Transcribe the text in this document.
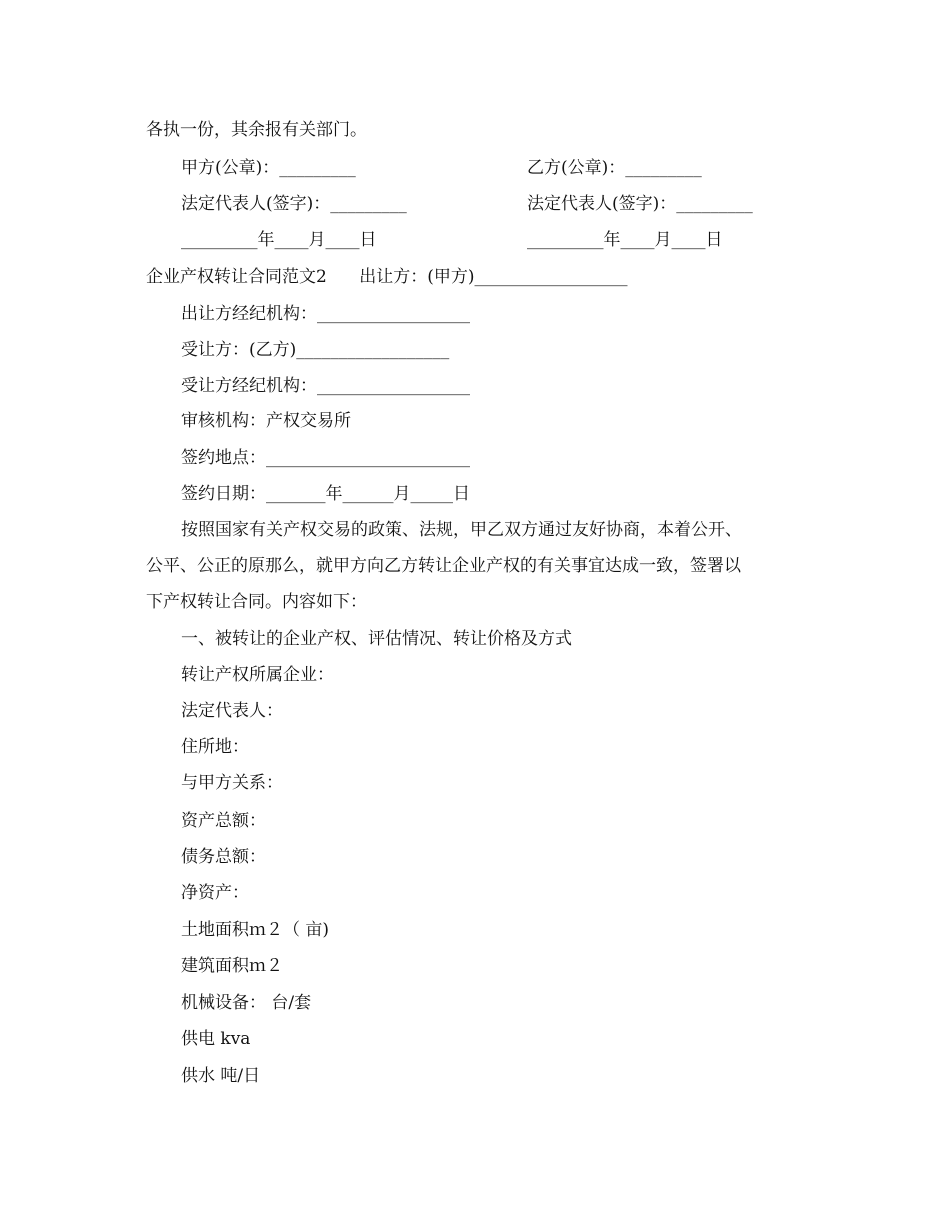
各执一份，其余报有关部门。
甲方(公章)：_________	乙方(公章)：_________
法定代表人(签字)：_________	法定代表人(签字)：_________
_________年____月____日	_________年____月____日
企业产权转让合同范文2      出让方：(甲方)__________________
出让方经纪机构：__________________
受让方：(乙方)__________________
受让方经纪机构：__________________
审核机构：产权交易所
签约地点：________________________
签约日期：_______年______月_____日
按照国家有关产权交易的政策、法规，甲乙双方通过友好协商，本着公开、
公平、公正的原那么，就甲方向乙方转让企业产权的有关事宜达成一致，签署以
下产权转让合同。内容如下：
一、被转让的企业产权、评估情况、转让价格及方式
转让产权所属企业：
法定代表人：
住所地：
与甲方关系：
资产总额：
债务总额：
净资产：
土地面积ｍ２（ 亩)
建筑面积ｍ２
机械设备： 台/套
供电 kva
供水 吨/日
